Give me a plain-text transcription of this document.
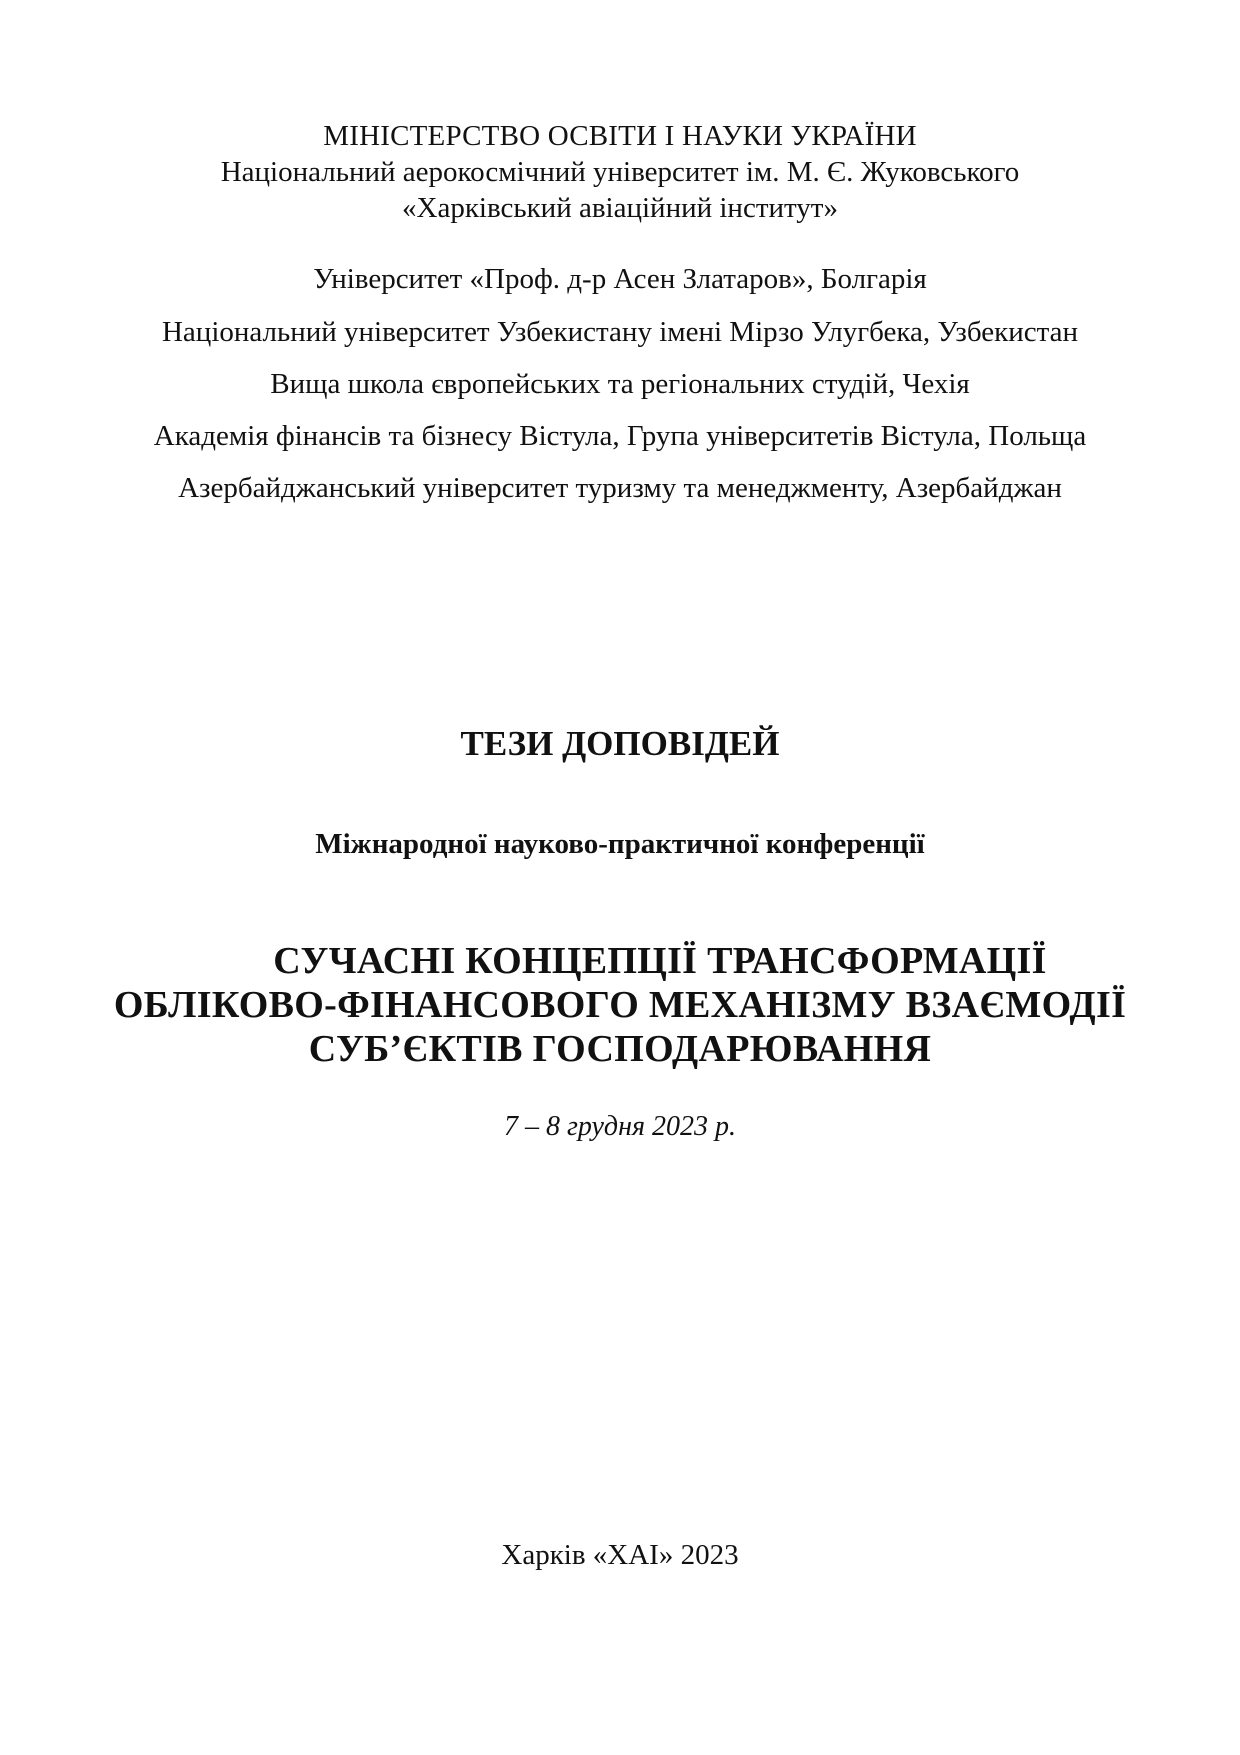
МІНІСТЕРСТВО ОСВІТИ І НАУКИ УКРАЇНИ
Національний аерокосмічний університет ім. М. Є. Жуковського
«Харківський авіаційний інститут»
Університет «Проф. д-р Асен Златаров», Болгарія
Національний університет Узбекистану імені Мірзо Улугбека, Узбекистан
Вища школа європейських та регіональних студій, Чехія
Академія фінансів та бізнесу Вістула, Група університетів Вістула, Польща
Азербайджанський університет туризму та менеджменту, Азербайджан
ТЕЗИ ДОПОВІДЕЙ
Міжнародної науково-практичної конференції
СУЧАСНІ КОНЦЕПЦІЇ ТРАНСФОРМАЦІЇ
ОБЛІКОВО-ФІНАНСОВОГО МЕХАНІЗМУ ВЗАЄМОДІЇ
СУБ’ЄКТІВ ГОСПОДАРЮВАННЯ
7 – 8 грудня 2023 р.
Харків «ХАІ» 2023
